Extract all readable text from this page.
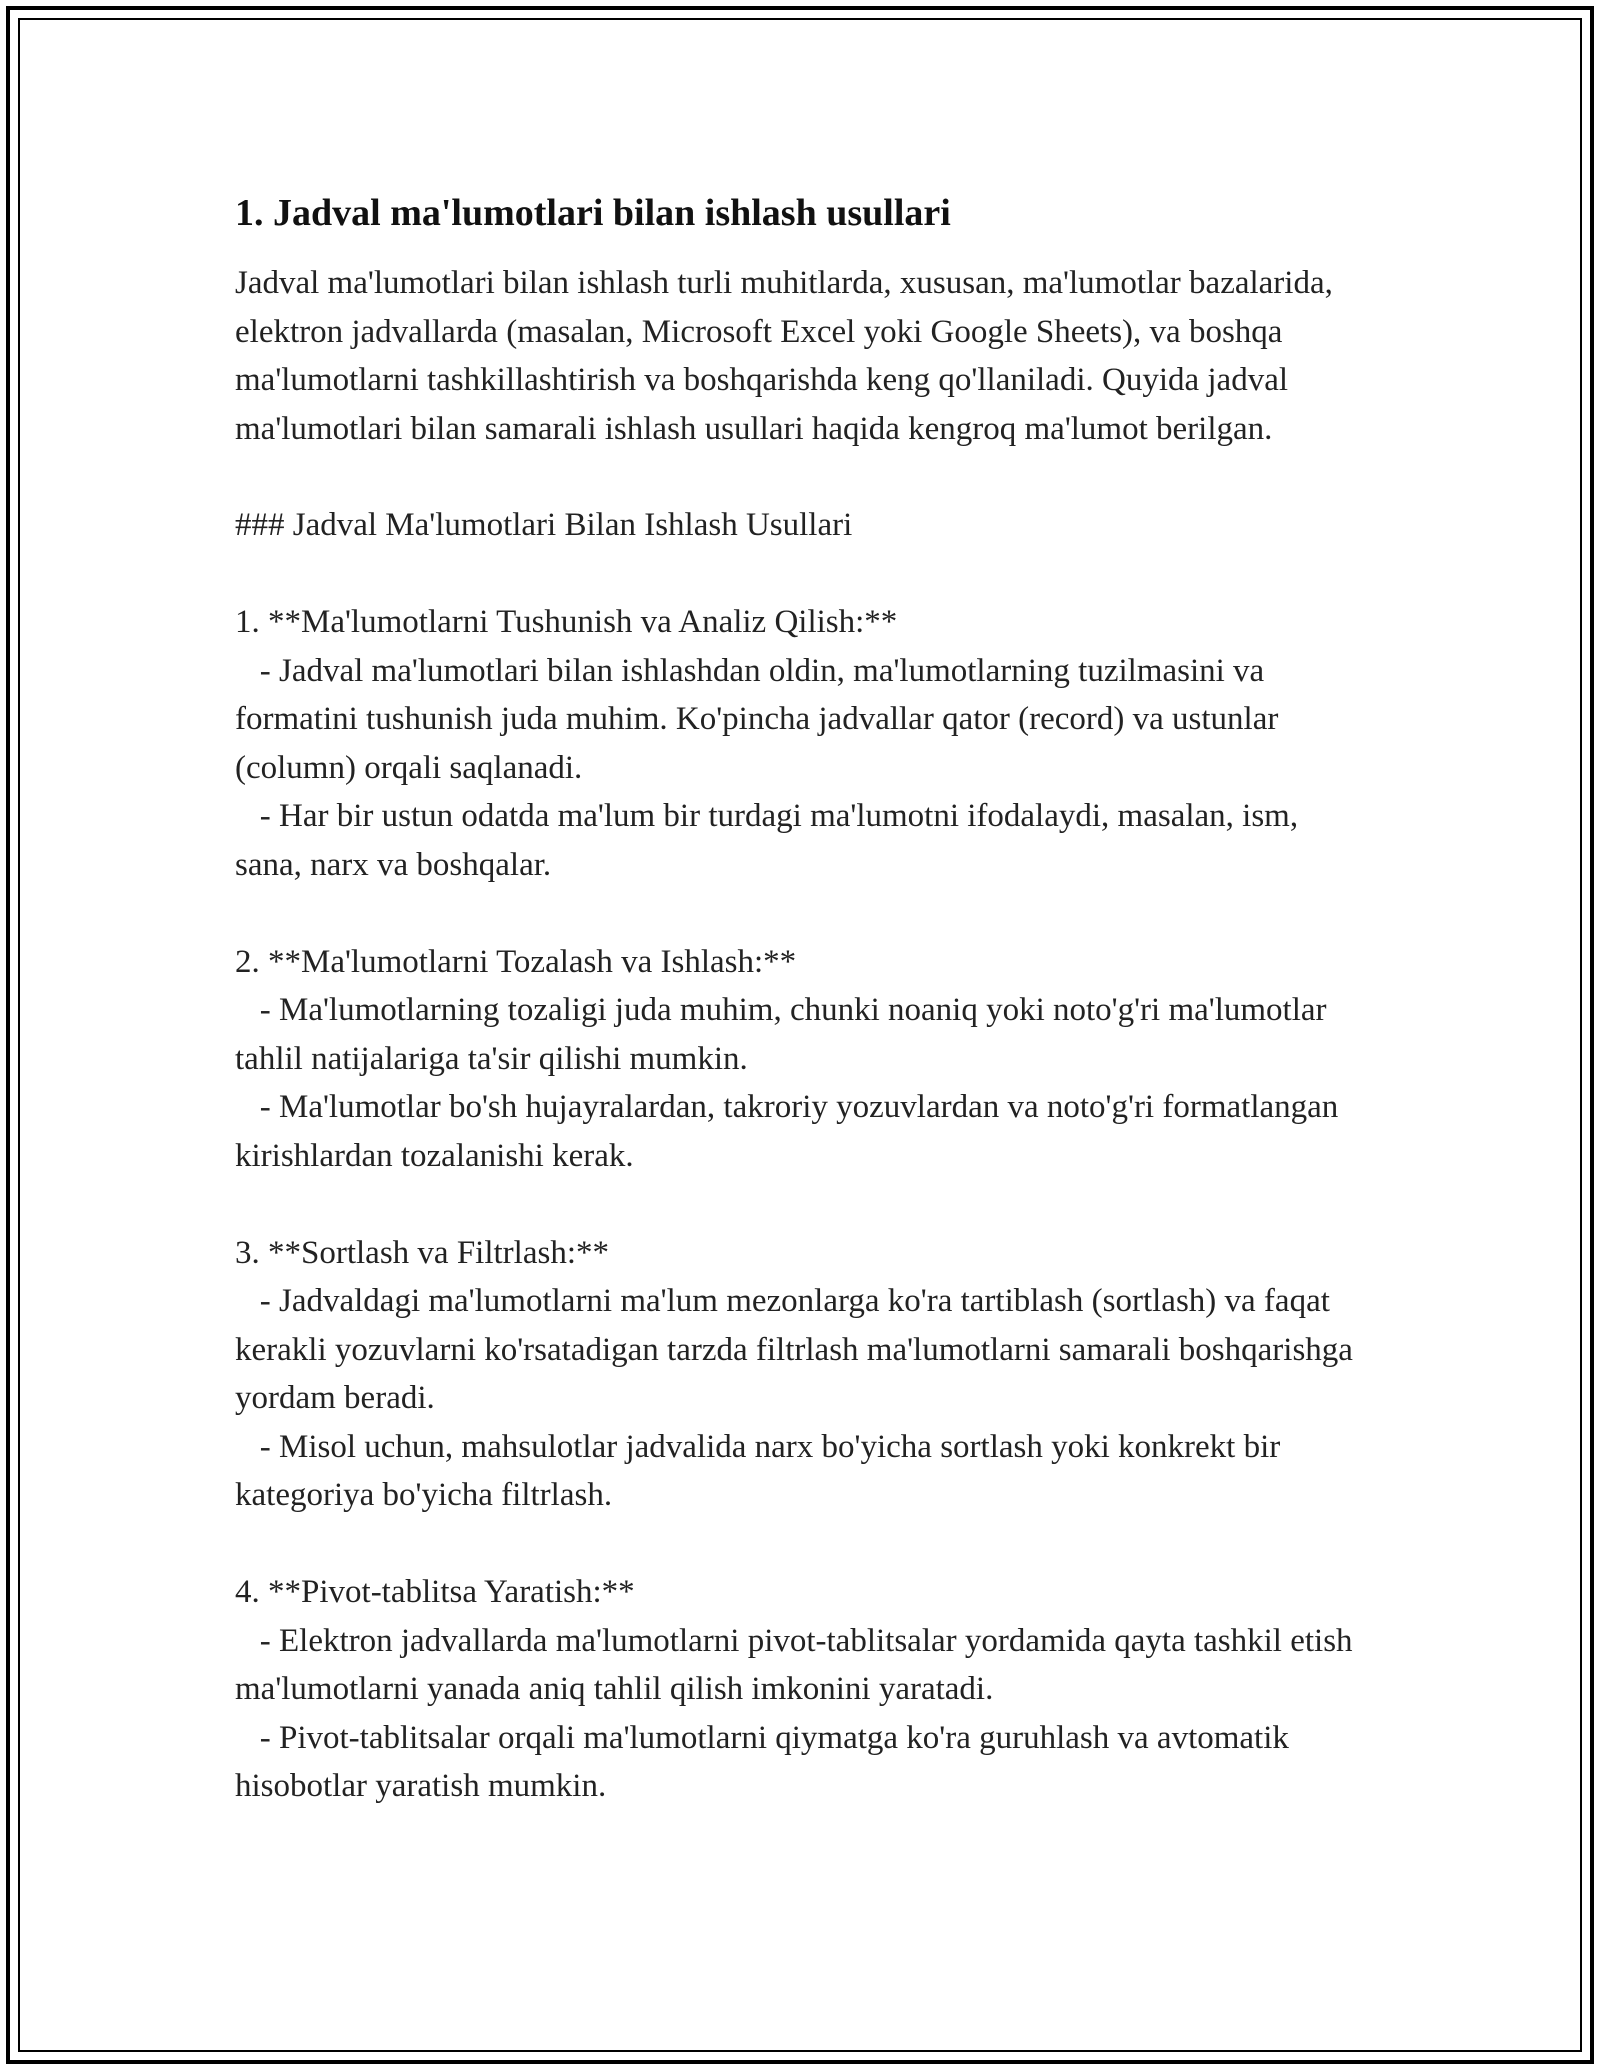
1. Jadval ma'lumotlari bilan ishlash usullari

Jadval ma'lumotlari bilan ishlash turli muhitlarda, xususan, ma'lumotlar bazalarida, elektron jadvallarda (masalan, Microsoft Excel yoki Google Sheets), va boshqa ma'lumotlarni tashkillashtirish va boshqarishda keng qo'llaniladi. Quyida jadval ma'lumotlari bilan samarali ishlash usullari haqida kengroq ma'lumot berilgan.

### Jadval Ma'lumotlari Bilan Ishlash Usullari

1. **Ma'lumotlarni Tushunish va Analiz Qilish:**

- Jadval ma'lumotlari bilan ishlashdan oldin, ma'lumotlarning tuzilmasini va formatini tushunish juda muhim. Ko'pincha jadvallar qator (record) va ustunlar (column) orqali saqlanadi.

- Har bir ustun odatda ma'lum bir turdagi ma'lumotni ifodalaydi, masalan, ism, sana, narx va boshqalar.

2. **Ma'lumotlarni Tozalash va Ishlash:**

- Ma'lumotlarning tozaligi juda muhim, chunki noaniq yoki noto'g'ri ma'lumotlar tahlil natijalariga ta'sir qilishi mumkin.

- Ma'lumotlar bo'sh hujayralardan, takroriy yozuvlardan va noto'g'ri formatlangan kirishlardan tozalanishi kerak.

3. **Sortlash va Filtrlash:**

- Jadvaldagi ma'lumotlarni ma'lum mezonlarga ko'ra tartiblash (sortlash) va faqat kerakli yozuvlarni ko'rsatadigan tarzda filtrlash ma'lumotlarni samarali boshqarishga yordam beradi.

- Misol uchun, mahsulotlar jadvalida narx bo'yicha sortlash yoki konkrekt bir kategoriya bo'yicha filtrlash.

4. **Pivot-tablitsa Yaratish:**

- Elektron jadvallarda ma'lumotlarni pivot-tablitsalar yordamida qayta tashkil etish ma'lumotlarni yanada aniq tahlil qilish imkonini yaratadi.

- Pivot-tablitsalar orqali ma'lumotlarni qiymatga ko'ra guruhlash va avtomatik hisobotlar yaratish mumkin.
